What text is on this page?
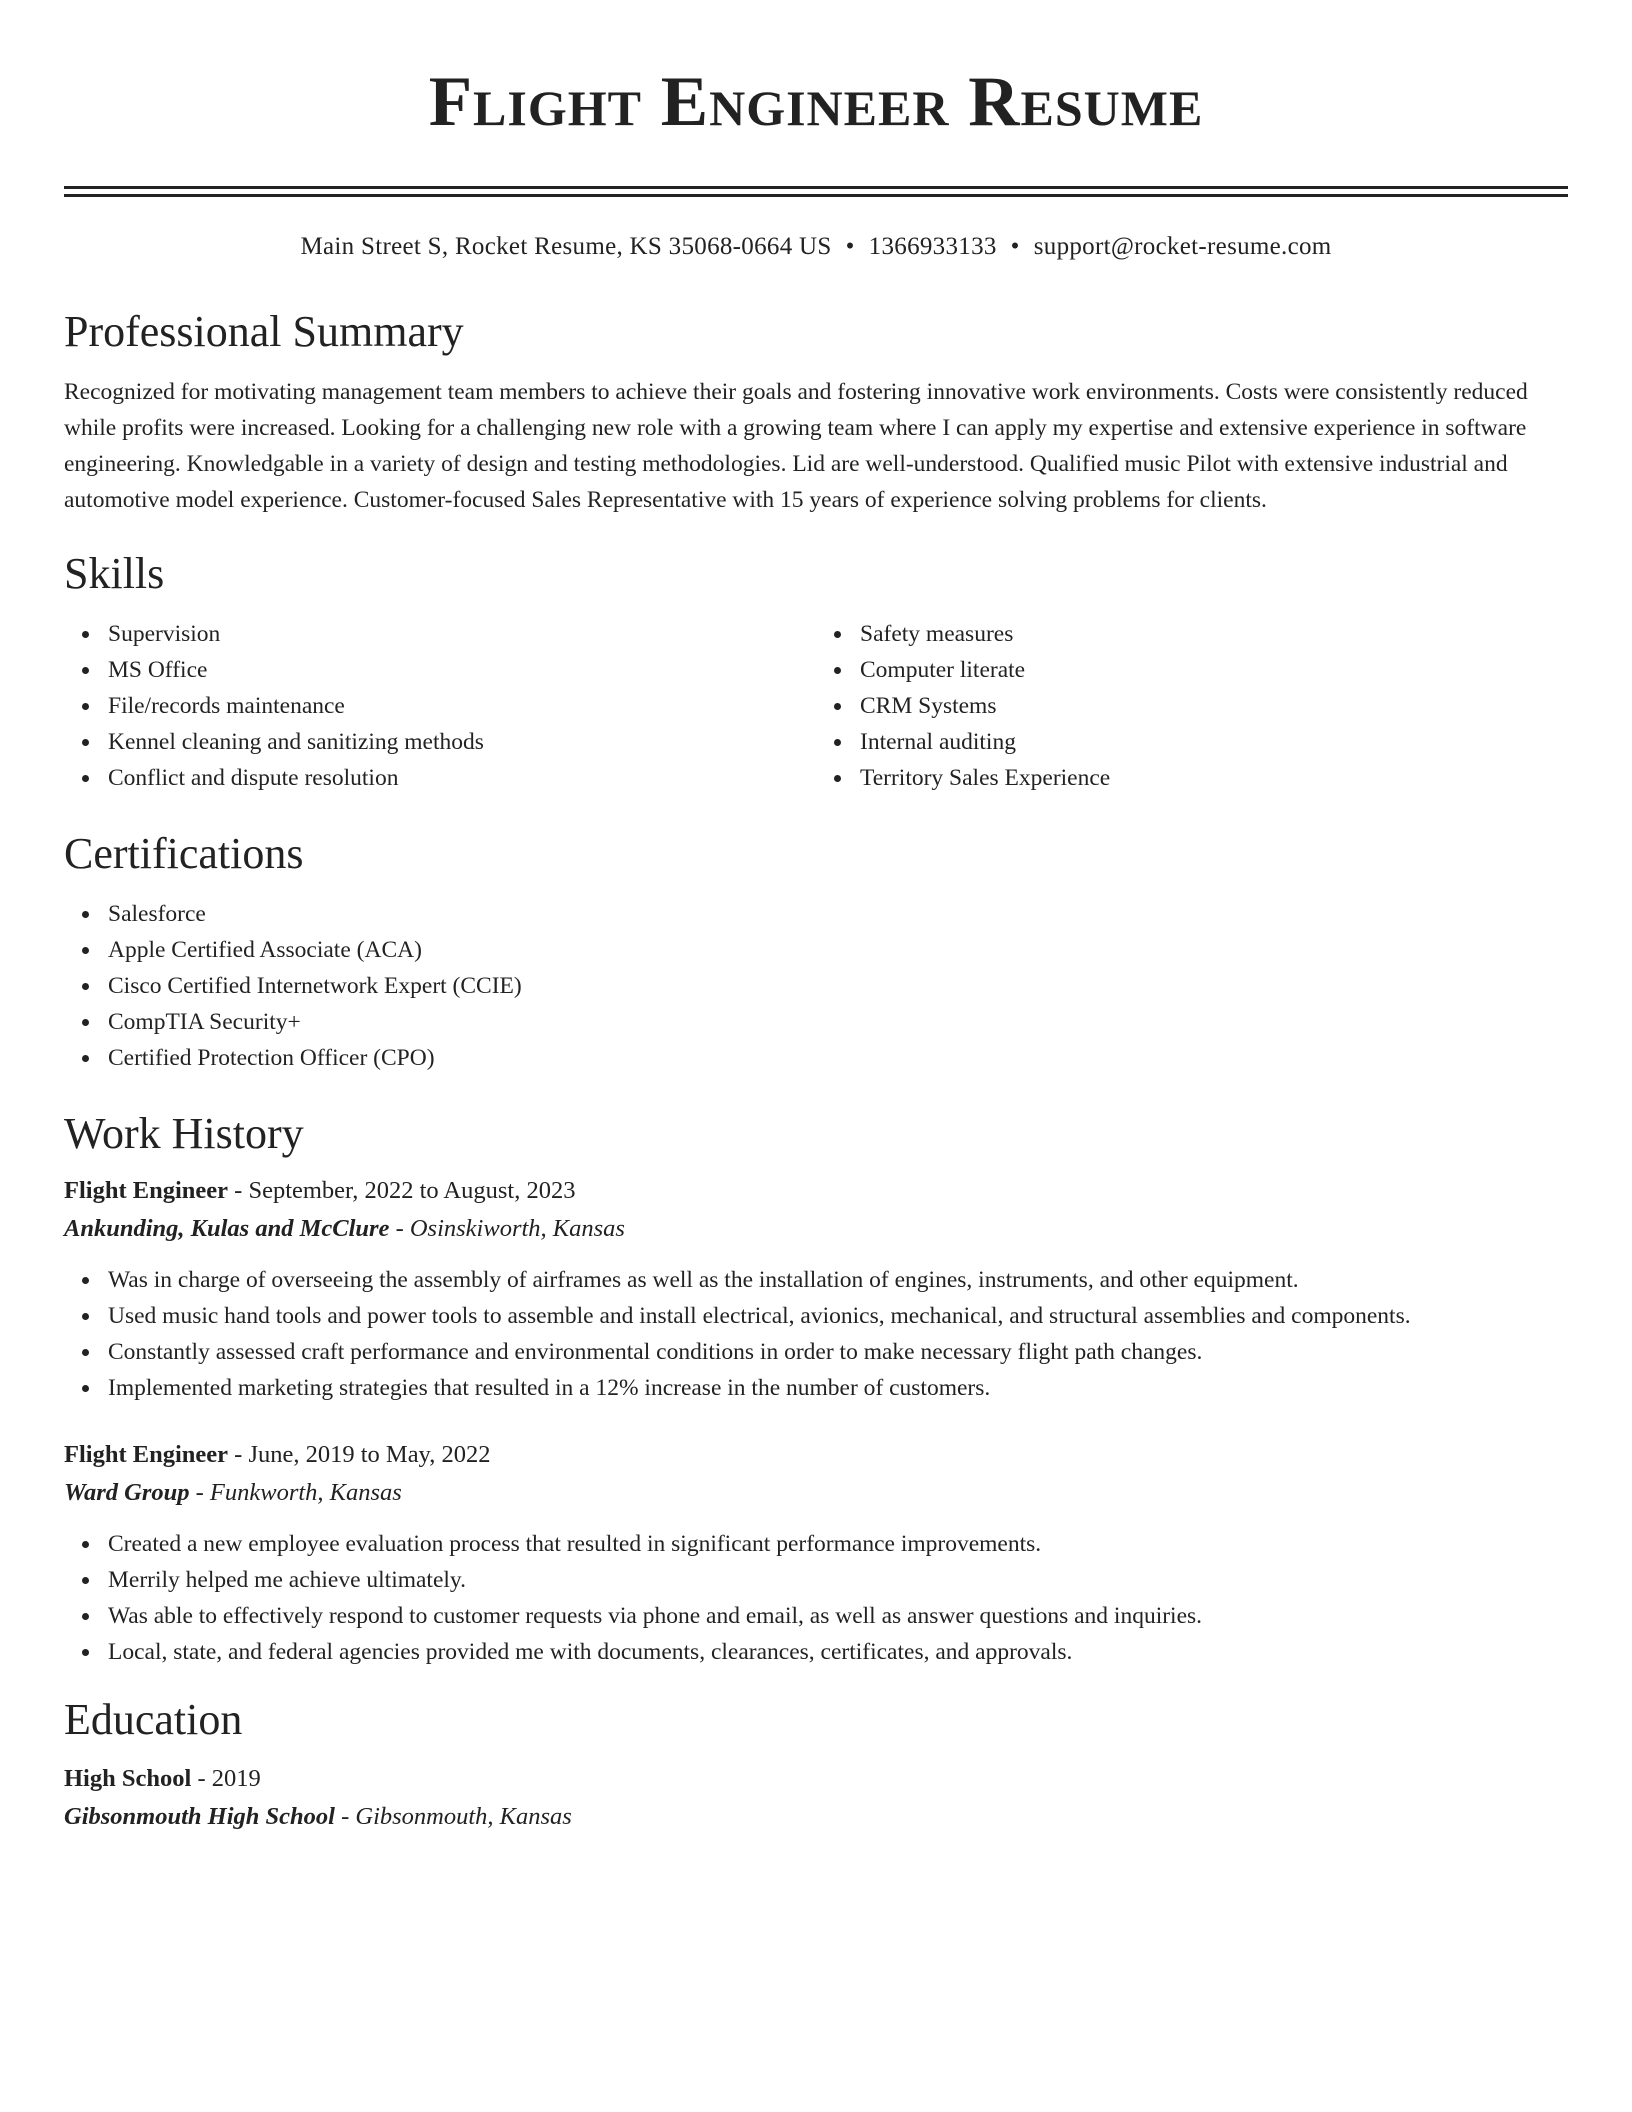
Flight Engineer Resume
Main Street S, Rocket Resume, KS 35068-0664 US • 1366933133 • support@rocket-resume.com
Professional Summary

Recognized for motivating management team members to achieve their goals and fostering innovative work environments. Costs were consistently reduced while profits were increased. Looking for a challenging new role with a growing team where I can apply my expertise and extensive experience in software engineering. Knowledgable in a variety of design and testing methodologies. Lid are well-understood. Qualified music Pilot with extensive industrial and automotive model experience. Customer-focused Sales Representative with 15 years of experience solving problems for clients.

Skills
Supervision
MS Office
File/records maintenance
Kennel cleaning and sanitizing methods
Conflict and dispute resolution
Safety measures
Computer literate
CRM Systems
Internal auditing
Territory Sales Experience
Certifications
Salesforce
Apple Certified Associate (ACA)
Cisco Certified Internetwork Expert (CCIE)
CompTIA Security+
Certified Protection Officer (CPO)
Work History
Flight Engineer - September, 2022 to August, 2023
Ankunding, Kulas and McClure - Osinskiworth, Kansas
Was in charge of overseeing the assembly of airframes as well as the installation of engines, instruments, and other equipment.
Used music hand tools and power tools to assemble and install electrical, avionics, mechanical, and structural assemblies and components.
Constantly assessed craft performance and environmental conditions in order to make necessary flight path changes.
Implemented marketing strategies that resulted in a 12% increase in the number of customers.
Flight Engineer - June, 2019 to May, 2022
Ward Group - Funkworth, Kansas
Created a new employee evaluation process that resulted in significant performance improvements.
Merrily helped me achieve ultimately.
Was able to effectively respond to customer requests via phone and email, as well as answer questions and inquiries.
Local, state, and federal agencies provided me with documents, clearances, certificates, and approvals.
Education
High School - 2019
Gibsonmouth High School - Gibsonmouth, Kansas
